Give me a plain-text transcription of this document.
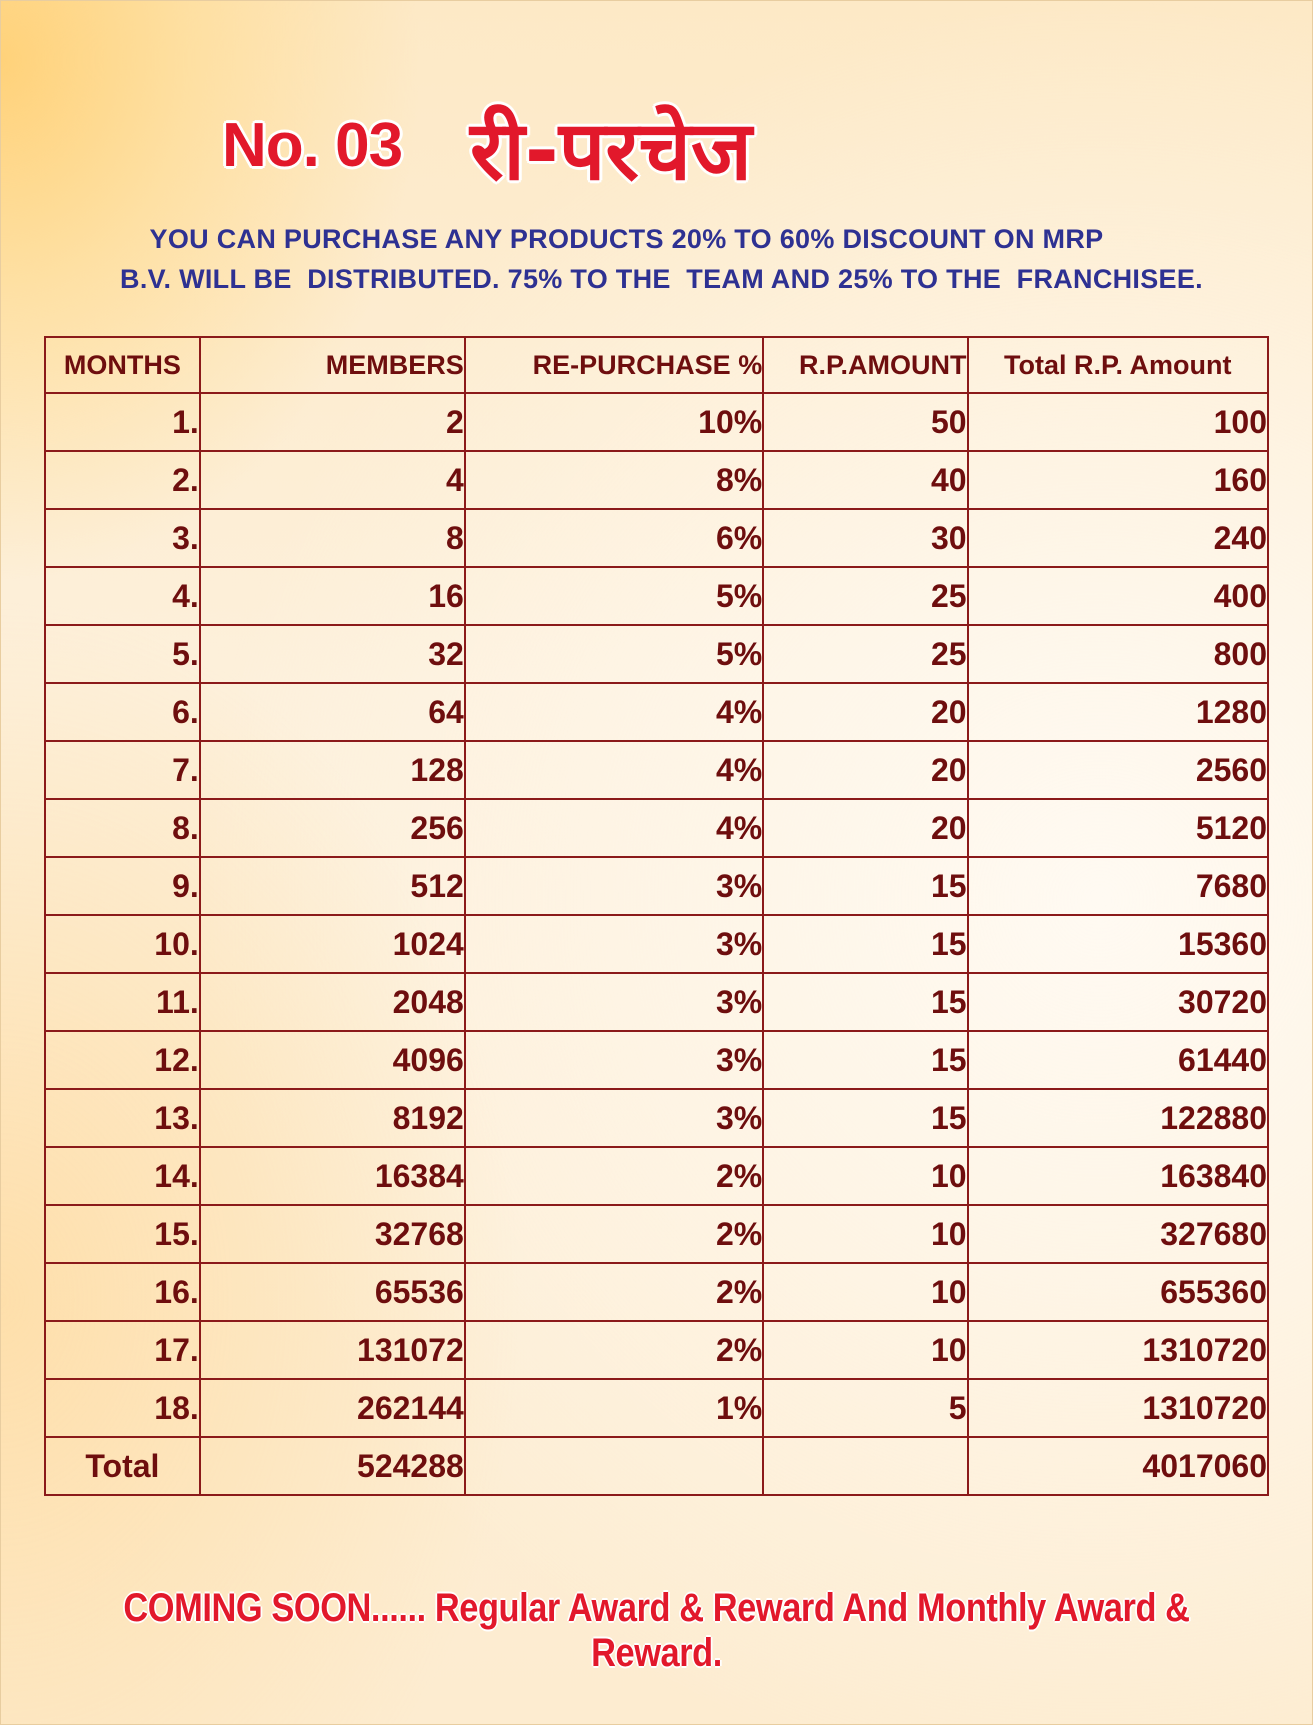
No. 03 री-परचेज
YOU CAN PURCHASE ANY PRODUCTS 20% TO 60% DISCOUNT ON MRP
B.V. WILL BE  DISTRIBUTED. 75% TO THE  TEAM AND 25% TO THE  FRANCHISEE.
MONTHS	MEMBERS	RE-PURCHASE %	R.P.AMOUNT	Total R.P. Amount
1.	2	10%	50	100
2.	4	8%	40	160
3.	8	6%	30	240
4.	16	5%	25	400
5.	32	5%	25	800
6.	64	4%	20	1280
7.	128	4%	20	2560
8.	256	4%	20	5120
9.	512	3%	15	7680
10.	1024	3%	15	15360
11.	2048	3%	15	30720
12.	4096	3%	15	61440
13.	8192	3%	15	122880
14.	16384	2%	10	163840
15.	32768	2%	10	327680
16.	65536	2%	10	655360
17.	131072	2%	10	1310720
18.	262144	1%	5	1310720
Total	524288			4017060
COMING SOON...... Regular Award & Reward And Monthly Award & Reward.
